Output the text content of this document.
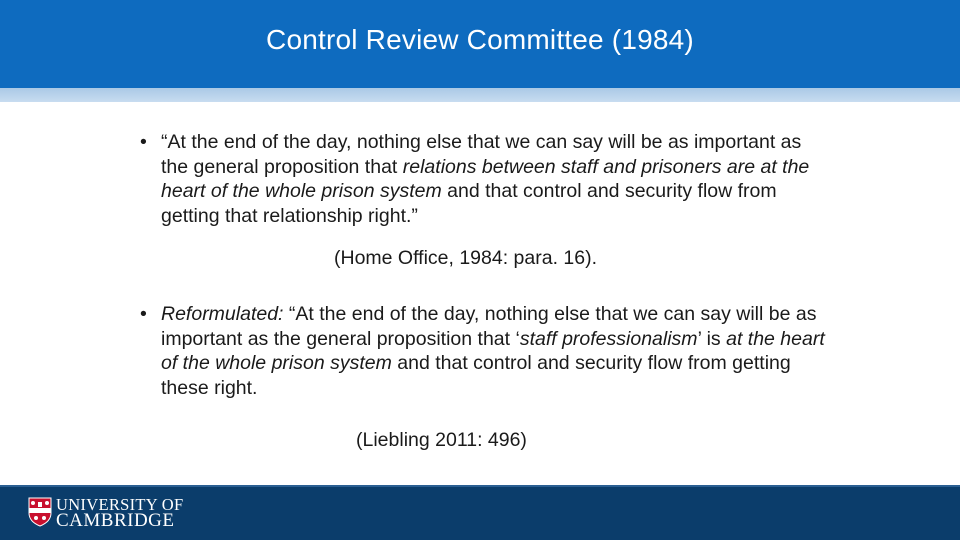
Control Review Committee (1984)
• “At the end of the day, nothing else that we can say will be as important as the general proposition that relations between staff and prisoners are at the heart of the whole prison system and that control and security flow from getting that relationship right.”
(Home Office, 1984: para. 16).
• Reformulated: “At the end of the day, nothing else that we can say will be as important as the general proposition that ‘staff professionalism’ is at the heart of the whole prison system and that control and security flow from getting these right.
(Liebling 2011: 496)
UNIVERSITY OF
CAMBRIDGE
